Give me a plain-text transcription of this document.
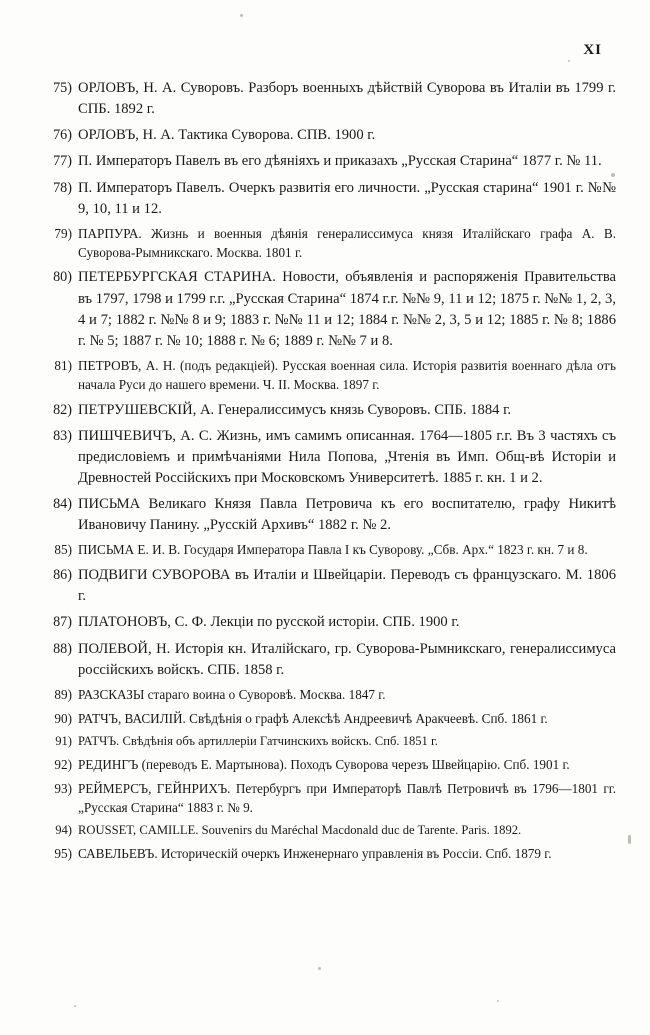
XI
75) ОРЛОВЪ, Н. А. Суворовъ. Разборъ военныхъ дѣйствій Суворова въ Италіи въ 1799 г. СПБ. 1892 г.
76) ОРЛОВЪ, Н. А. Тактика Суворова. СПВ. 1900 г.
77) П. Императоръ Павелъ въ его дѣяніяхъ и приказахъ „Русская Старина“ 1877 г. № 11.
78) П. Императоръ Павелъ. Очеркъ развитія его личности. „Русская старина“ 1901 г. №№ 9, 10, 11 и 12.
79) ПАРПУРА. Жизнь и военныя дѣянія генералиссимуса князя Италійскаго графа А. В. Суворова-Рымникскаго. Москва. 1801 г.
80) ПЕТЕРБУРГСКАЯ СТАРИНА. Новости, объявленія и распоряженія Правительства въ 1797, 1798 и 1799 г.г. „Русская Старина“ 1874 г.г. №№ 9, 11 и 12; 1875 г. №№ 1, 2, 3, 4 и 7; 1882 г. №№ 8 и 9; 1883 г. №№ 11 и 12; 1884 г. №№ 2, 3, 5 и 12; 1885 г. № 8; 1886 г. № 5; 1887 г. № 10; 1888 г. № 6; 1889 г. №№ 7 и 8.
81) ПЕТРОВЪ, А. Н. (подъ редакціей). Русская военная сила. Исторія развитія военнаго дѣла отъ начала Руси до нашего времени. Ч. II. Москва. 1897 г.
82) ПЕТРУШЕВСКІЙ, А. Генералиссимусъ князь Суворовъ. СПБ. 1884 г.
83) ПИШЧЕВИЧЪ, А. С. Жизнь, имъ самимъ описанная. 1764—1805 г.г. Въ 3 частяхъ съ предисловіемъ и примѣчаніями Нила Попова, „Чтенія въ Имп. Общ-вѣ Исторіи и Древностей Россійскихъ при Московскомъ Университетѣ. 1885 г. кн. 1 и 2.
84) ПИСЬМА Великаго Князя Павла Петровича къ его воспитателю, графу Никитѣ Ивановичу Панину. „Русскій Архивъ“ 1882 г. № 2.
85) ПИСЬМА Е. И. В. Государя Императора Павла I къ Суворову. „Сбв. Арх.“ 1823 г. кн. 7 и 8.
86) ПОДВИГИ СУВОРОВА въ Италіи и Швейцаріи. Переводъ съ французскаго. М. 1806 г.
87) ПЛАТОНОВЪ, С. Ф. Лекціи по русской исторіи. СПБ. 1900 г.
88) ПОЛЕВОЙ, Н. Исторія кн. Италійскаго, гр. Суворова-Рымникскаго, генералиссимуса россійскихъ войскъ. СПБ. 1858 г.
89) РАЗСКАЗЫ стараго воина о Суворовѣ. Москва. 1847 г.
90) РАТЧЪ, ВАСИЛІЙ. Свѣдѣнія о графѣ Алексѣѣ Андреевичѣ Аракчеевѣ. Спб. 1861 г.
91) РАТЧЪ. Свѣдѣнія объ артиллеріи Гатчинскихъ войскъ. Спб. 1851 г.
92) РЕДИНГЪ (переводъ Е. Мартынова). Походъ Суворова черезъ Швейцарію. Спб. 1901 г.
93) РЕЙМЕРСЪ, ГЕЙНРИХЪ. Петербургъ при Императорѣ Павлѣ Петровичѣ въ 1796—1801 гг. „Русская Старина“ 1883 г. № 9.
94) ROUSSET, CAMILLE. Souvenirs du Maréchal Macdonald duc de Tarente. Paris. 1892.
95) САВЕЛЬЕВЪ. Историческій очеркъ Инженернаго управленія въ Россіи. Спб. 1879 г.
